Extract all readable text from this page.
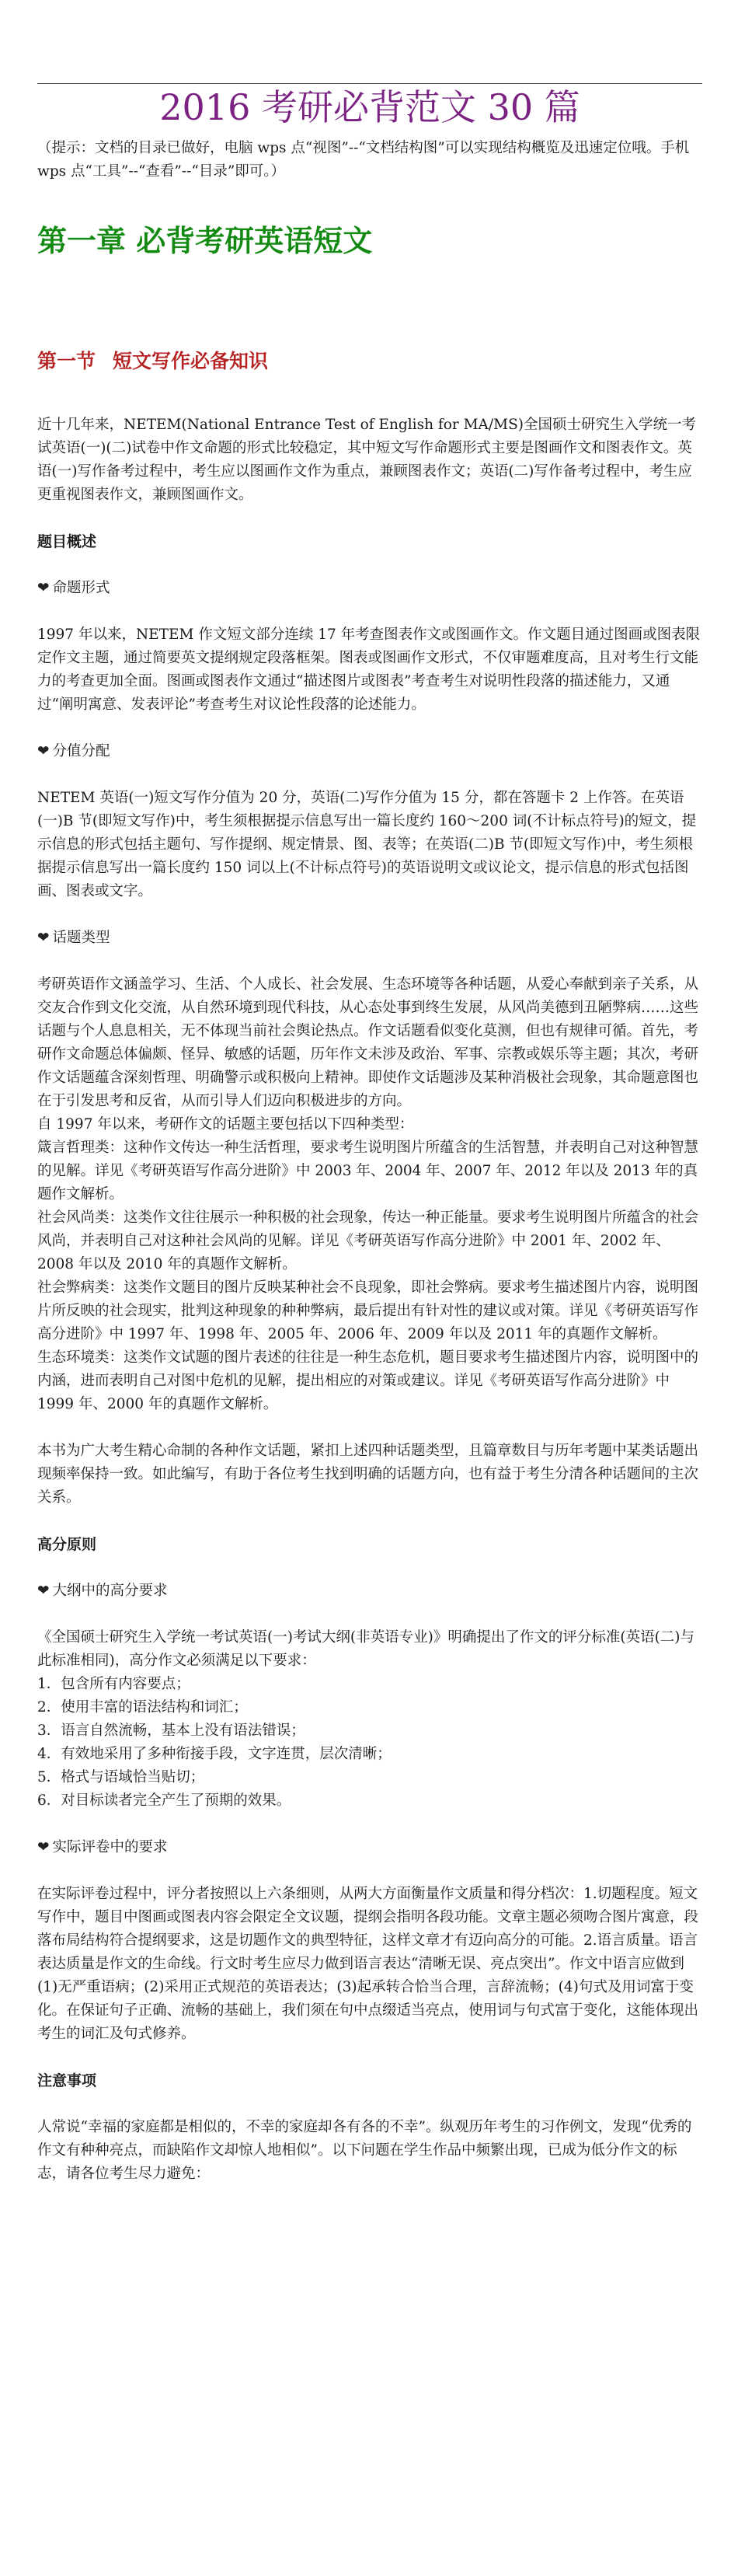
2016 考研必背范文 30 篇

（提示：文档的目录已做好，电脑 wps 点“视图”--“文档结构图”可以实现结构概览及迅速定位哦。手机 wps 点“工具”--“查看”--“目录”即可。）

第一章 必背考研英语短文
第一节 短文写作必备知识

近十几年来，NETEM(National Entrance Test of English for MA/MS)全国硕士研究生入学统一考试英语(一)(二)试卷中作文命题的形式比较稳定，其中短文写作命题形式主要是图画作文和图表作文。英语(一)写作备考过程中，考生应以图画作文作为重点，兼顾图表作文；英语(二)写作备考过程中，考生应更重视图表作文，兼顾图画作文。

题目概述

❤ 命题形式

1997 年以来，NETEM 作文短文部分连续 17 年考查图表作文或图画作文。作文题目通过图画或图表限定作文主题，通过简要英文提纲规定段落框架。图表或图画作文形式，不仅审题难度高，且对考生行文能力的考查更加全面。图画或图表作文通过“描述图片或图表”考查考生对说明性段落的描述能力，又通过“阐明寓意、发表评论”考查考生对议论性段落的论述能力。

❤ 分值分配

NETEM 英语(一)短文写作分值为 20 分，英语(二)写作分值为 15 分，都在答题卡 2 上作答。在英语(一)B 节(即短文写作)中，考生须根据提示信息写出一篇长度约 160～200 词(不计标点符号)的短文，提示信息的形式包括主题句、写作提纲、规定情景、图、表等；在英语(二)B 节(即短文写作)中，考生须根据提示信息写出一篇长度约 150 词以上(不计标点符号)的英语说明文或议论文，提示信息的形式包括图画、图表或文字。

❤ 话题类型

考研英语作文涵盖学习、生活、个人成长、社会发展、生态环境等各种话题，从爱心奉献到亲子关系，从交友合作到文化交流，从自然环境到现代科技，从心态处事到终生发展，从风尚美德到丑陋弊病……这些话题与个人息息相关，无不体现当前社会舆论热点。作文话题看似变化莫测，但也有规律可循。首先，考研作文命题总体偏颇、怪异、敏感的话题，历年作文未涉及政治、军事、宗教或娱乐等主题；其次，考研作文话题蕴含深刻哲理、明确警示或积极向上精神。即使作文话题涉及某种消极社会现象，其命题意图也在于引发思考和反省，从而引导人们迈向积极进步的方向。

自 1997 年以来，考研作文的话题主要包括以下四种类型：

箴言哲理类：这种作文传达一种生活哲理，要求考生说明图片所蕴含的生活智慧，并表明自己对这种智慧的见解。详见《考研英语写作高分进阶》中 2003 年、2004 年、2007 年、2012 年以及 2013 年的真题作文解析。

社会风尚类：这类作文往往展示一种积极的社会现象，传达一种正能量。要求考生说明图片所蕴含的社会风尚，并表明自己对这种社会风尚的见解。详见《考研英语写作高分进阶》中 2001 年、2002 年、2008 年以及 2010 年的真题作文解析。

社会弊病类：这类作文题目的图片反映某种社会不良现象，即社会弊病。要求考生描述图片内容，说明图片所反映的社会现实，批判这种现象的种种弊病，最后提出有针对性的建议或对策。详见《考研英语写作高分进阶》中 1997 年、1998 年、2005 年、2006 年、2009 年以及 2011 年的真题作文解析。

生态环境类：这类作文试题的图片表述的往往是一种生态危机，题目要求考生描述图片内容，说明图中的内涵，进而表明自己对图中危机的见解，提出相应的对策或建议。详见《考研英语写作高分进阶》中 1999 年、2000 年的真题作文解析。

本书为广大考生精心命制的各种作文话题，紧扣上述四种话题类型，且篇章数目与历年考题中某类话题出现频率保持一致。如此编写，有助于各位考生找到明确的话题方向，也有益于考生分清各种话题间的主次关系。

高分原则

❤ 大纲中的高分要求

《全国硕士研究生入学统一考试英语(一)考试大纲(非英语专业)》明确提出了作文的评分标准(英语(二)与此标准相同)，高分作文必须满足以下要求：

1．包含所有内容要点；
2．使用丰富的语法结构和词汇；
3．语言自然流畅，基本上没有语法错误；
4．有效地采用了多种衔接手段，文字连贯，层次清晰；
5．格式与语域恰当贴切；
6．对目标读者完全产生了预期的效果。

❤ 实际评卷中的要求

在实际评卷过程中，评分者按照以上六条细则，从两大方面衡量作文质量和得分档次：1.切题程度。短文写作中，题目中图画或图表内容会限定全文议题，提纲会指明各段功能。文章主题必须吻合图片寓意，段落布局结构符合提纲要求，这是切题作文的典型特征，这样文章才有迈向高分的可能。2.语言质量。语言表达质量是作文的生命线。行文时考生应尽力做到语言表达“清晰无误、亮点突出”。作文中语言应做到(1)无严重语病；(2)采用正式规范的英语表达；(3)起承转合恰当合理，言辞流畅；(4)句式及用词富于变化。在保证句子正确、流畅的基础上，我们须在句中点缀适当亮点，使用词与句式富于变化，这能体现出考生的词汇及句式修养。

注意事项

人常说“幸福的家庭都是相似的，不幸的家庭却各有各的不幸”。纵观历年考生的习作例文，发现“优秀的作文有种种亮点，而缺陷作文却惊人地相似”。以下问题在学生作品中频繁出现，已成为低分作文的标志，请各位考生尽力避免：
